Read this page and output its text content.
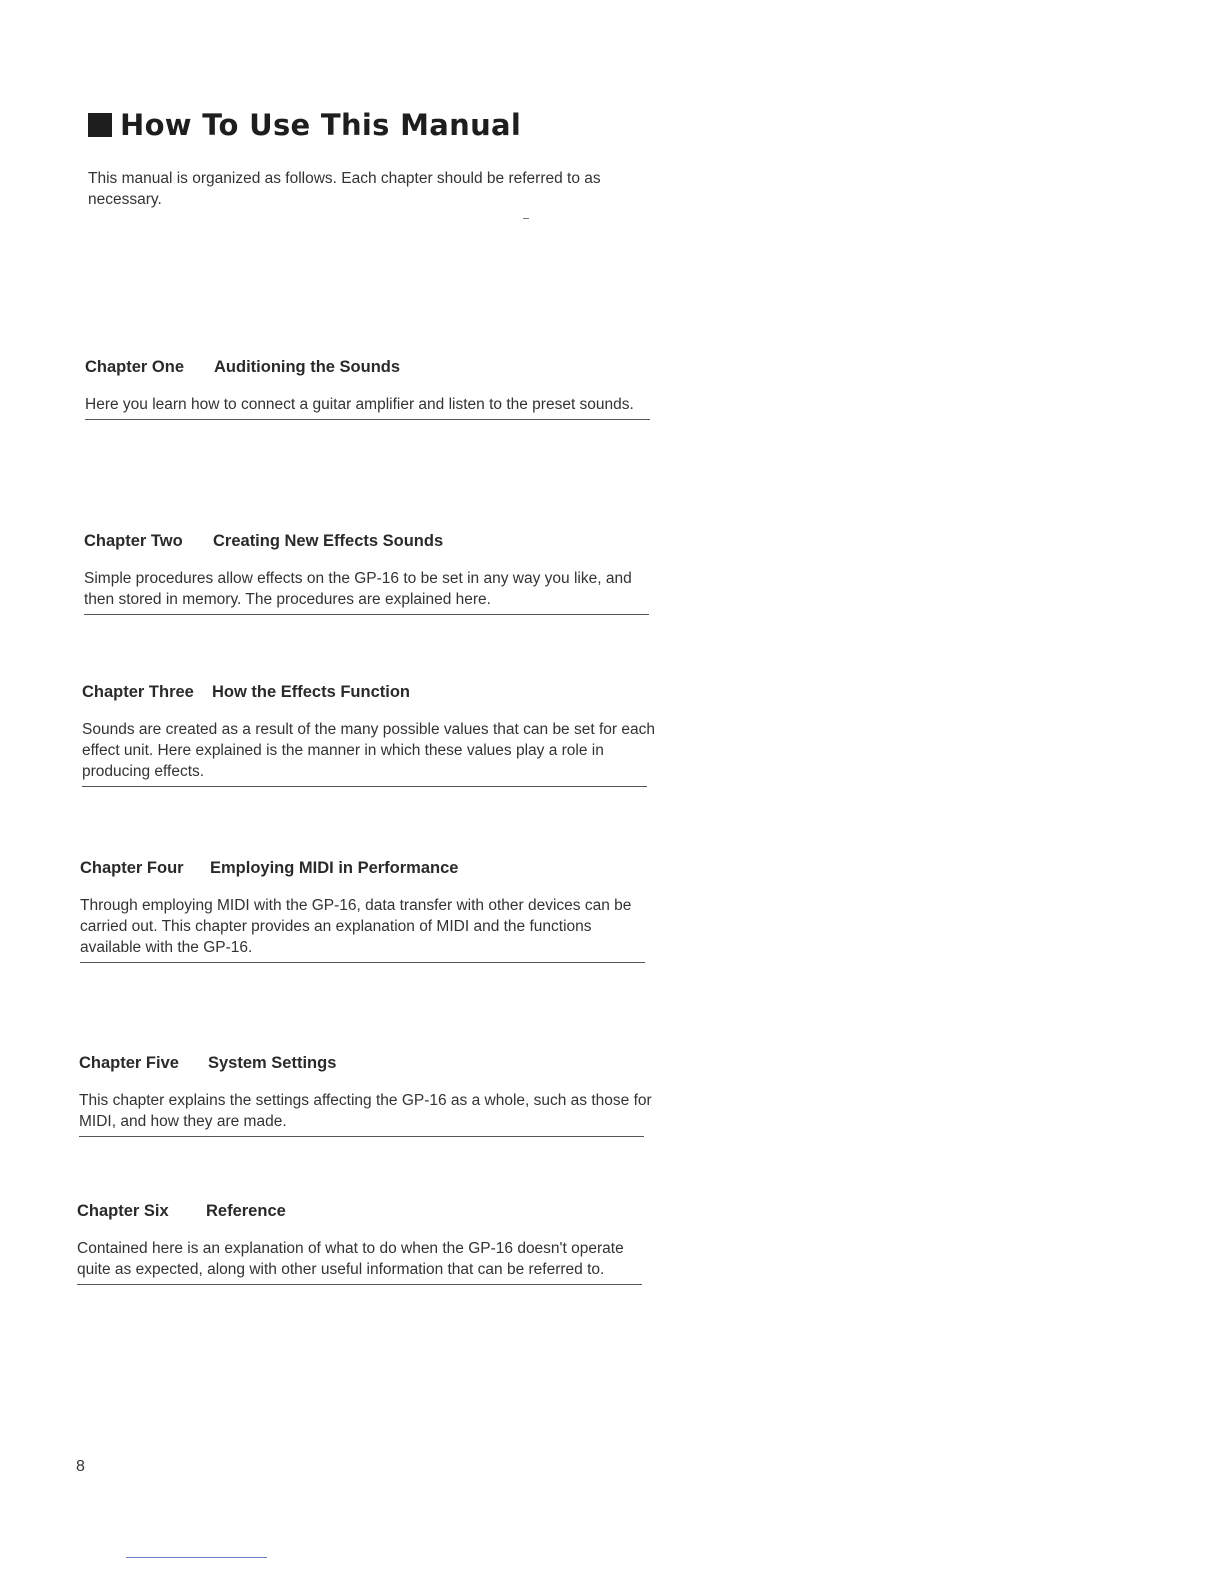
How To Use This Manual

This manual is organized as follows. Each chapter should be referred to as necessary.

Chapter One Auditioning the Sounds

Here you learn how to connect a guitar amplifier and listen to the preset sounds.

Chapter Two Creating New Effects Sounds

Simple procedures allow effects on the GP-16 to be set in any way you like, and then stored in memory. The procedures are explained here.

Chapter Three How the Effects Function

Sounds are created as a result of the many possible values that can be set for each effect unit. Here explained is the manner in which these values play a role in producing effects.

Chapter Four Employing MIDI in Performance

Through employing MIDI with the GP-16, data transfer with other devices can be carried out. This chapter provides an explanation of MIDI and the functions available with the GP-16.

Chapter Five System Settings

This chapter explains the settings affecting the GP-16 as a whole, such as those for MIDI, and how they are made.

Chapter Six Reference

Contained here is an explanation of what to do when the GP-16 doesn't operate quite as expected, along with other useful information that can be referred to.

8
